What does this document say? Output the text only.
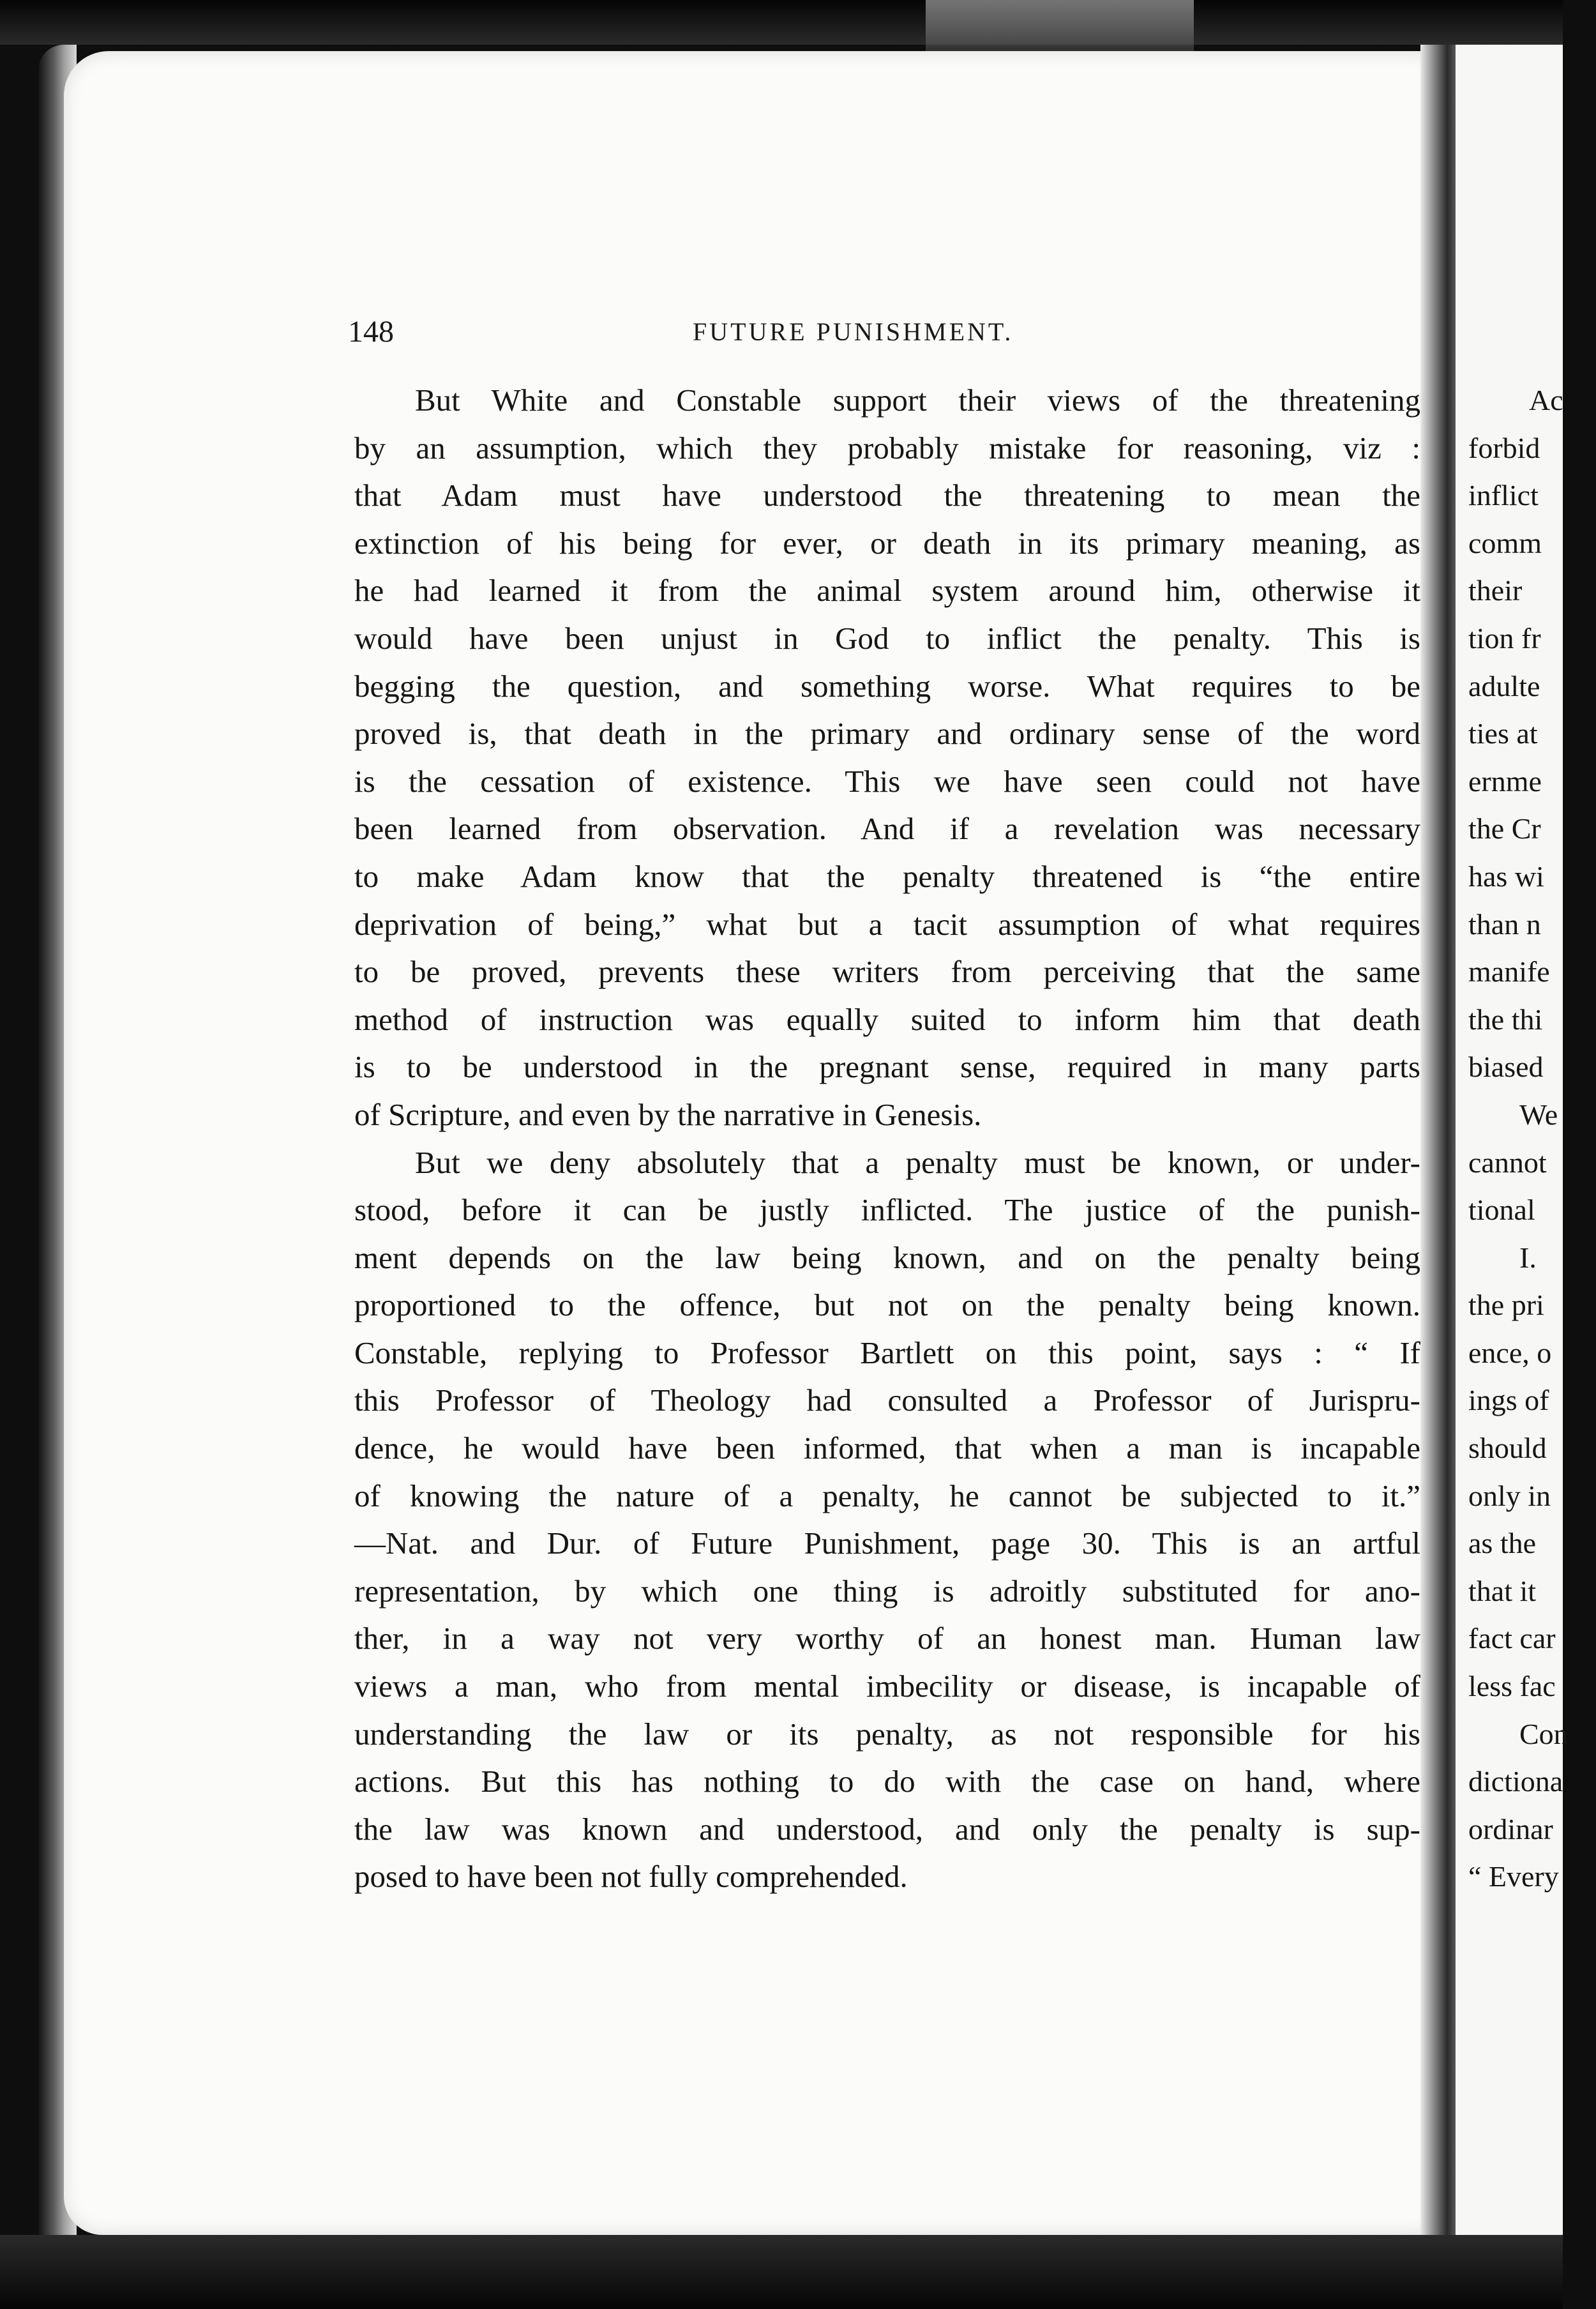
148	FUTURE PUNISHMENT.
But White and Constable support their views of the threatening
by an assumption, which they probably mistake for reasoning, viz :
that Adam must have understood the threatening to mean the
extinction of his being for ever, or death in its primary meaning, as
he had learned it from the animal system around him, otherwise it
would have been unjust in God to inflict the penalty. This is
begging the question, and something worse. What requires to be
proved is, that death in the primary and ordinary sense of the word
is the cessation of existence. This we have seen could not have
been learned from observation. And if a revelation was necessary
to make Adam know that the penalty threatened is “the entire
deprivation of being,” what but a tacit assumption of what requires
to be proved, prevents these writers from perceiving that the same
method of instruction was equally suited to inform him that death
is to be understood in the pregnant sense, required in many parts
of Scripture, and even by the narrative in Genesis.
But we deny absolutely that a penalty must be known, or under-
stood, before it can be justly inflicted. The justice of the punish-
ment depends on the law being known, and on the penalty being
proportioned to the offence, but not on the penalty being known.
Constable, replying to Professor Bartlett on this point, says : “ If
this Professor of Theology had consulted a Professor of Jurispru-
dence, he would have been informed, that when a man is incapable
of knowing the nature of a penalty, he cannot be subjected to it.”
—Nat. and Dur. of Future Punishment, page 30. This is an artful
representation, by which one thing is adroitly substituted for ano-
ther, in a way not very worthy of an honest man. Human law
views a man, who from mental imbecility or disease, is incapable of
understanding the law or its penalty, as not responsible for his
actions. But this has nothing to do with the case on hand, where
the law was known and understood, and only the penalty is sup-
posed to have been not fully comprehended.
Ac
forbid
inflict
comm
their
tion fr
adulte
ties at
ernme
the Cr
has wi
than n
manife
the thi
biased
We
cannot
tional
I.
the pri
ence, o
ings of
should
only in
as the
that it
fact car
less fac
Con
dictiona
ordinar
“ Every
